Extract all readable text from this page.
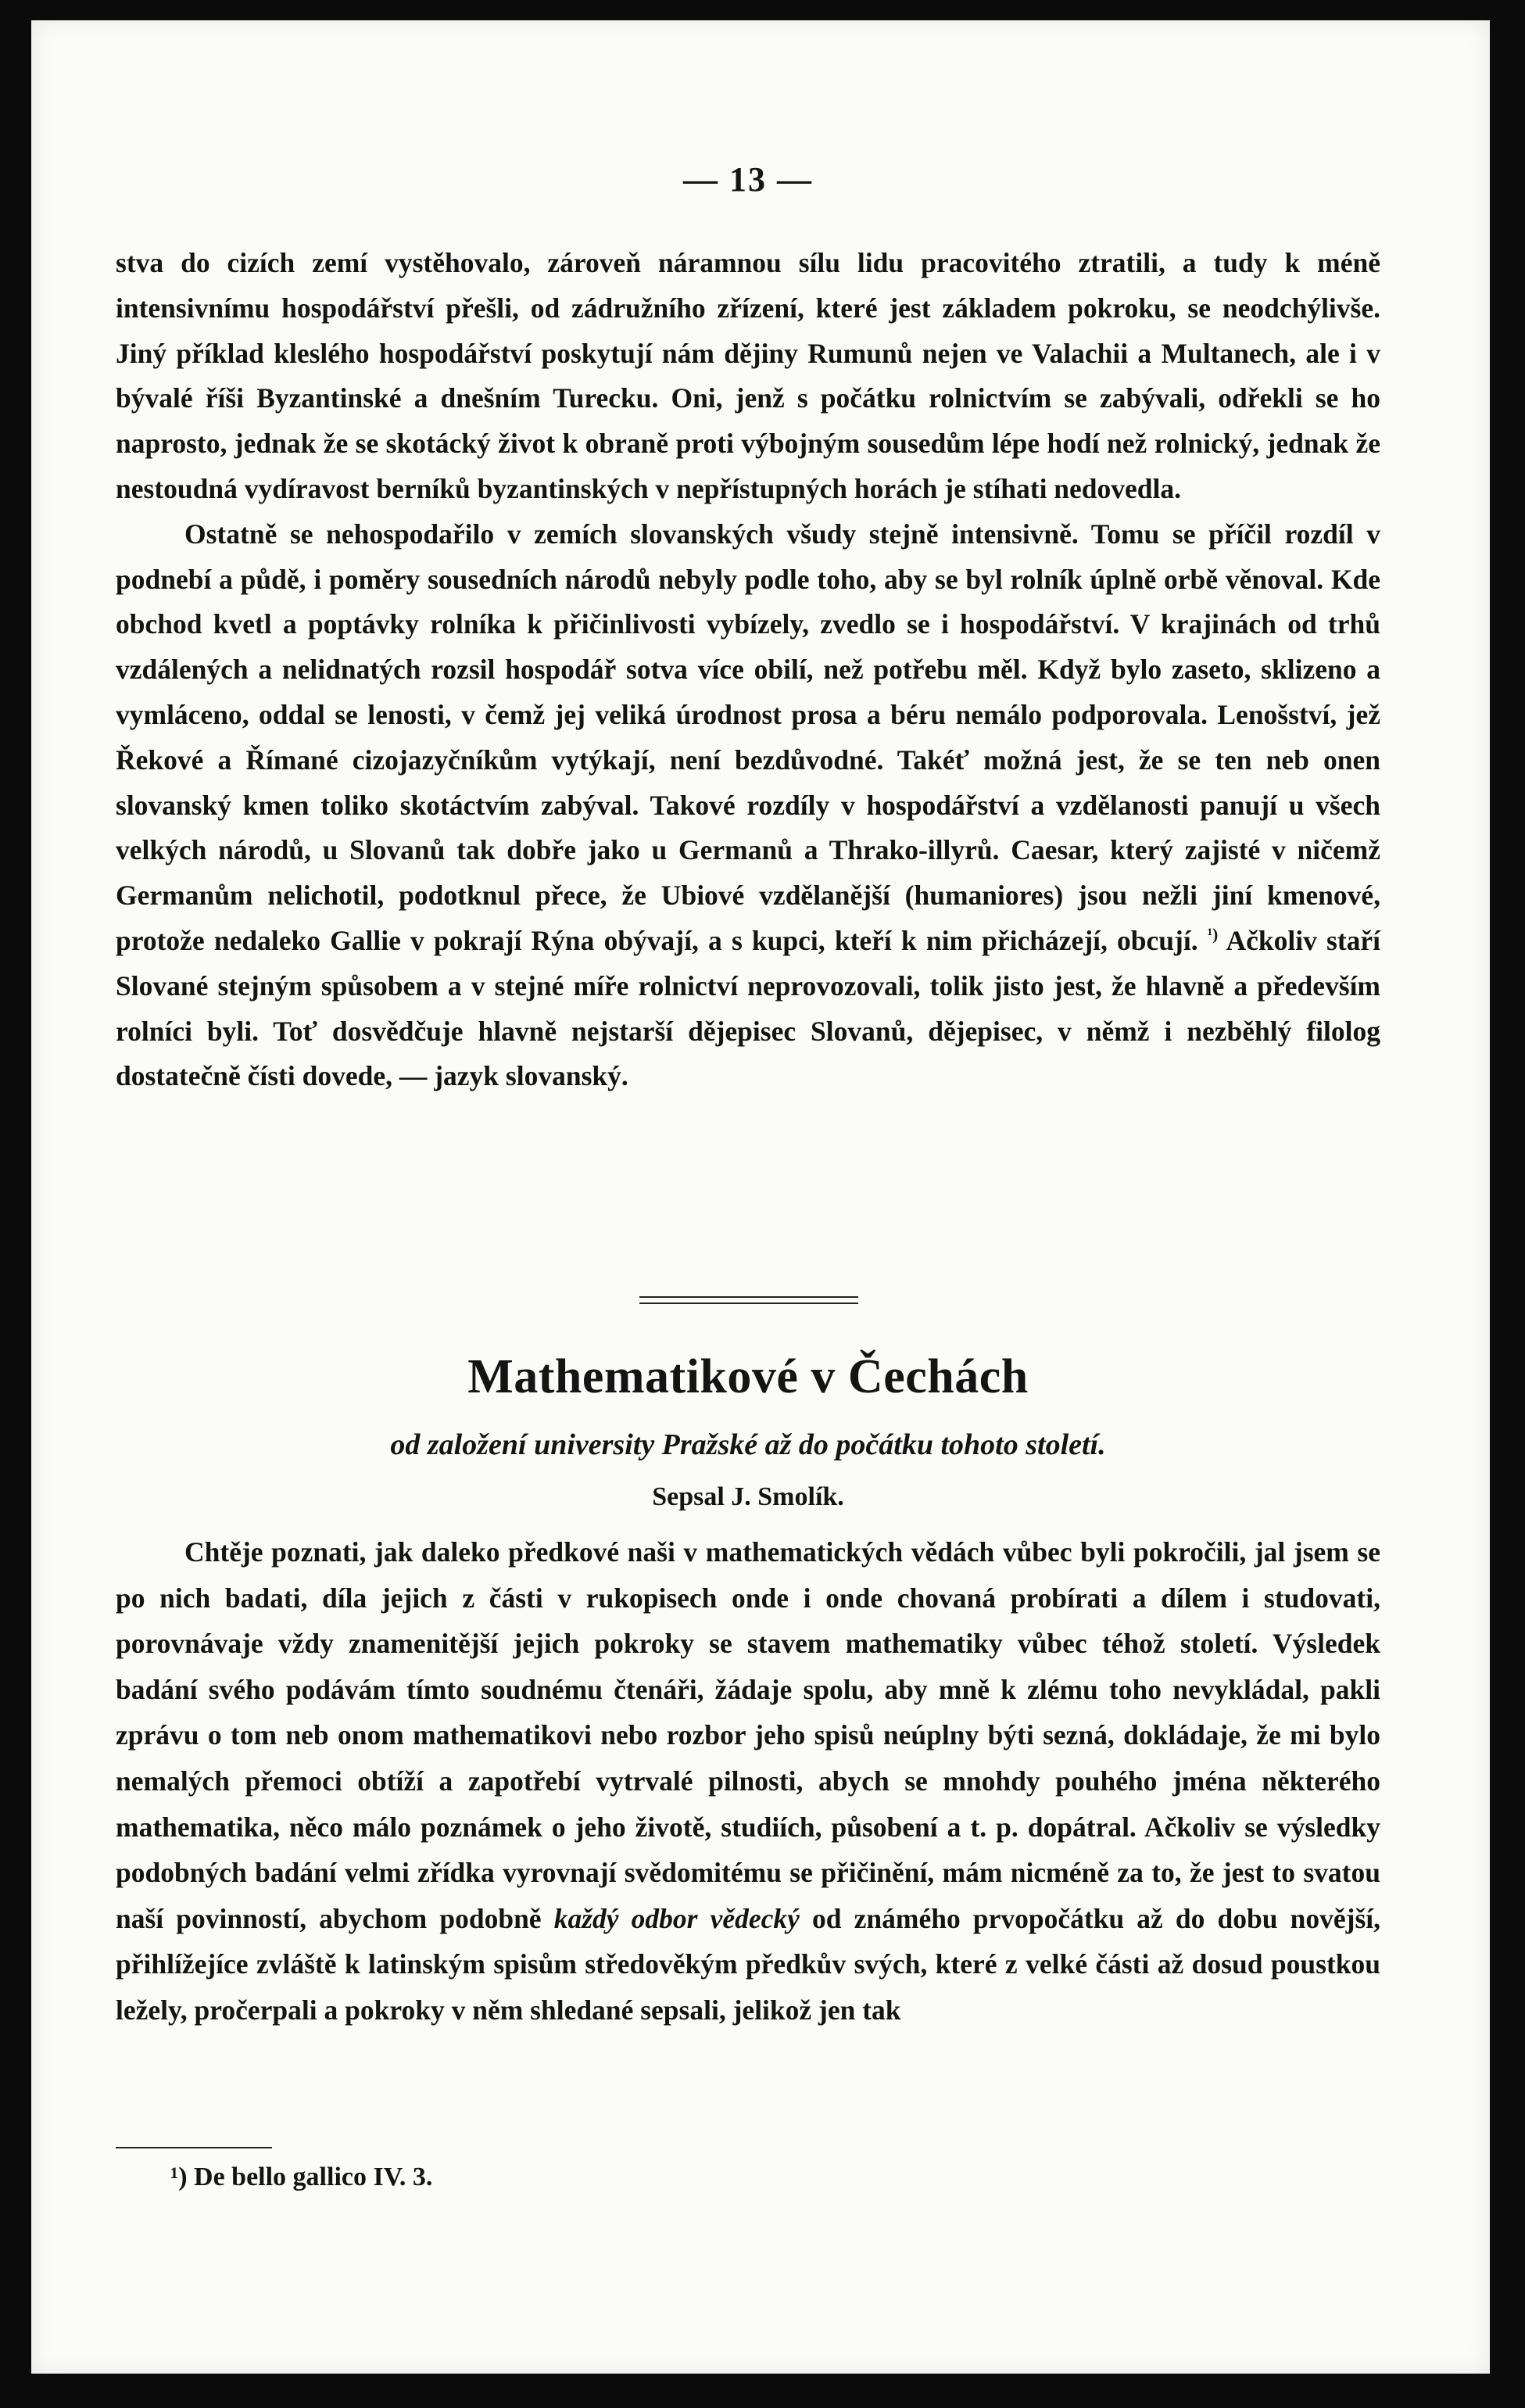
— 13 —

stva do cizích zemí vystěhovalo, zároveň náramnou sílu lidu pracovitého ztratili, a tudy k méně intensivnímu hospodářství přešli, od zádružního zřízení, které jest základem pokroku, se neodchýlivše. Jiný příklad kleslého hospodářství poskytují nám dějiny Rumunů nejen ve Valachii a Multanech, ale i v bývalé říši Byzantinské a dnešním Turecku. Oni, jenž s počátku rolnictvím se zabývali, odřekli se ho naprosto, jednak že se skotácký život k obraně proti výbojným sousedům lépe hodí než rolnický, jednak že nestoudná vydíravost berníků byzantinských v nepřístupných horách je stíhati nedovedla.

Ostatně se nehospodařilo v zemích slovanských všudy stejně intensivně. Tomu se příčil rozdíl v podnebí a půdě, i poměry sousedních národů nebyly podle toho, aby se byl rolník úplně orbě věnoval. Kde obchod kvetl a poptávky rolníka k přičinlivosti vybízely, zvedlo se i hospodářství. V krajinách od trhů vzdálených a nelidnatých rozsil hospodář sotva více obilí, než potřebu měl. Když bylo zaseto, sklizeno a vymláceno, oddal se lenosti, v čemž jej veliká úrodnost prosa a béru nemálo podporovala. Lenošství, jež Řekové a Římané cizojazyčníkům vytýkají, není bezdůvodné. Takéť možná jest, že se ten neb onen slovanský kmen toliko skotáctvím zabýval. Takové rozdíly v hospodářství a vzdělanosti panují u všech velkých národů, u Slovanů tak dobře jako u Germanů a Thrako-illyrů. Caesar, který zajisté v ničemž Germanům nelichotil, podotknul přece, že Ubiové vzdělanější (humaniores) jsou nežli jiní kmenové, protože nedaleko Gallie v pokrají Rýna obývají, a s kupci, kteří k nim přicházejí, obcují. $^{^1)}$ Ačkoliv staří Slované stejným spůsobem a v stejné míře rolnictví neprovozovali, tolik jisto jest, že hlavně a především rolníci byli. Toť dosvědčuje hlavně nejstarší dějepisec Slovanů, dějepisec, v němž i nezběhlý filolog dostatečně čísti dovede, — jazyk slovanský.

Mathematikové v Čechách
od založení university Pražské až do počátku tohoto století.
Sepsal J. Smolík.

Chtěje poznati, jak daleko předkové naši v mathematických vědách vůbec byli pokročili, jal jsem se po nich badati, díla jejich z části v rukopisech onde i onde chovaná probírati a dílem i studovati, porovnávaje vždy znamenitější jejich pokroky se stavem mathematiky vůbec téhož století. Výsledek badání svého podávám tímto soudnému čtenáři, žádaje spolu, aby mně k zlému toho nevykládal, pakli zprávu o tom neb onom mathematikovi nebo rozbor jeho spisů neúplny býti sezná, dokládaje, že mi bylo nemalých přemoci obtíží a zapotřebí vytrvalé pilnosti, abych se mnohdy pouhého jména některého mathematika, něco málo poznámek o jeho životě, studiích, působení a t. p. dopátral. Ačkoliv se výsledky podobných badání velmi zřídka vyrovnají svědomitému se přičinění, mám nicméně za to, že jest to svatou naší povinností, abychom podobně každý odbor vědecký od známého prvopočátku až do dobu novější, přihlížejíce zvláště k latinským spisům středověkým předkův svých, které z velké části až dosud poustkou ležely, pročerpali a pokroky v něm shledané sepsali, jelikož jen tak

¹) De bello gallico IV. 3.
